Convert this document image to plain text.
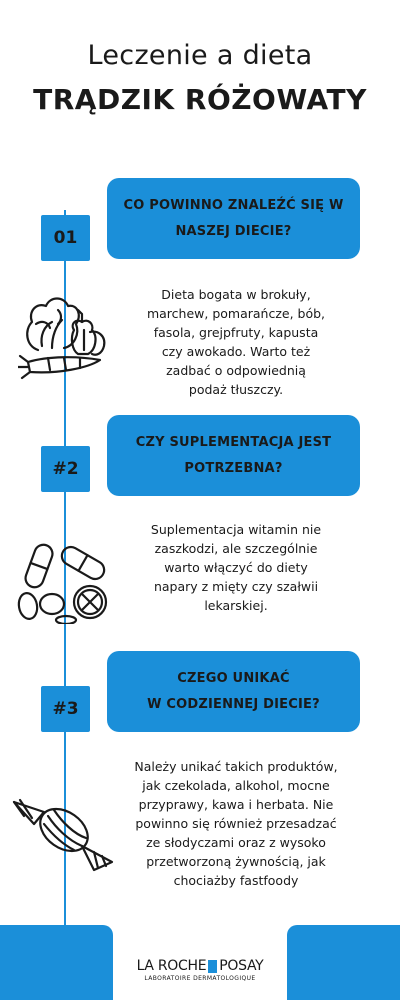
Leczenie a dieta
TRĄDZIK RÓŻOWATY
CO POWINNO ZNALEŹĆ SIĘ W
NASZEJ DIECIE?
01
Dieta bogata w brokuły,
marchew, pomarańcze, bób,
fasola, grejpfruty, kapusta
czy awokado. Warto też
zadbać o odpowiednią
podaż tłuszczy.
CZY SUPLEMENTACJA JEST
POTRZEBNA?
#2
Suplementacja witamin nie
zaszkodzi, ale szczególnie
warto włączyć do diety
napary z mięty czy szałwii
lekarskiej.
CZEGO UNIKAĆ
W CODZIENNEJ DIECIE?
#3
Należy unikać takich produktów,
jak czekolada, alkohol, mocne
przyprawy, kawa i herbata. Nie
powinno się również przesadzać
ze słodyczami oraz z wysoko
przetworzoną żywnością, jak
chociażby fastfoody
LA ROCHE POSAY
LABORATOIRE DERMATOLOGIQUE
